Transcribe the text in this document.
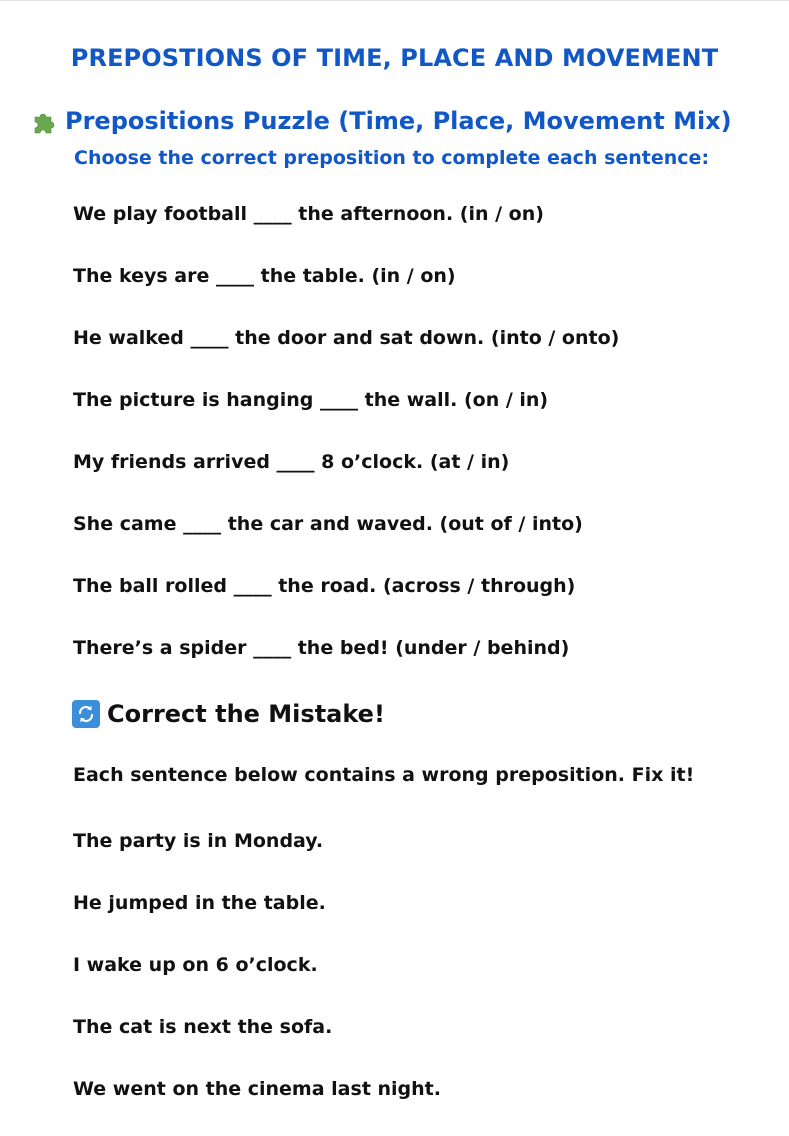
PREPOSTIONS OF TIME, PLACE AND MOVEMENT
Prepositions Puzzle (Time, Place, Movement Mix)
Choose the correct preposition to complete each sentence:
We play football ____ the afternoon. (in / on)
The keys are ____ the table. (in / on)
He walked ____ the door and sat down. (into / onto)
The picture is hanging ____ the wall. (on / in)
My friends arrived ____ 8 o’clock. (at / in)
She came ____ the car and waved. (out of / into)
The ball rolled ____ the road. (across / through)
There’s a spider ____ the bed! (under / behind)
Correct the Mistake!
Each sentence below contains a wrong preposition. Fix it!
The party is in Monday.
He jumped in the table.
I wake up on 6 o’clock.
The cat is next the sofa.
We went on the cinema last night.
